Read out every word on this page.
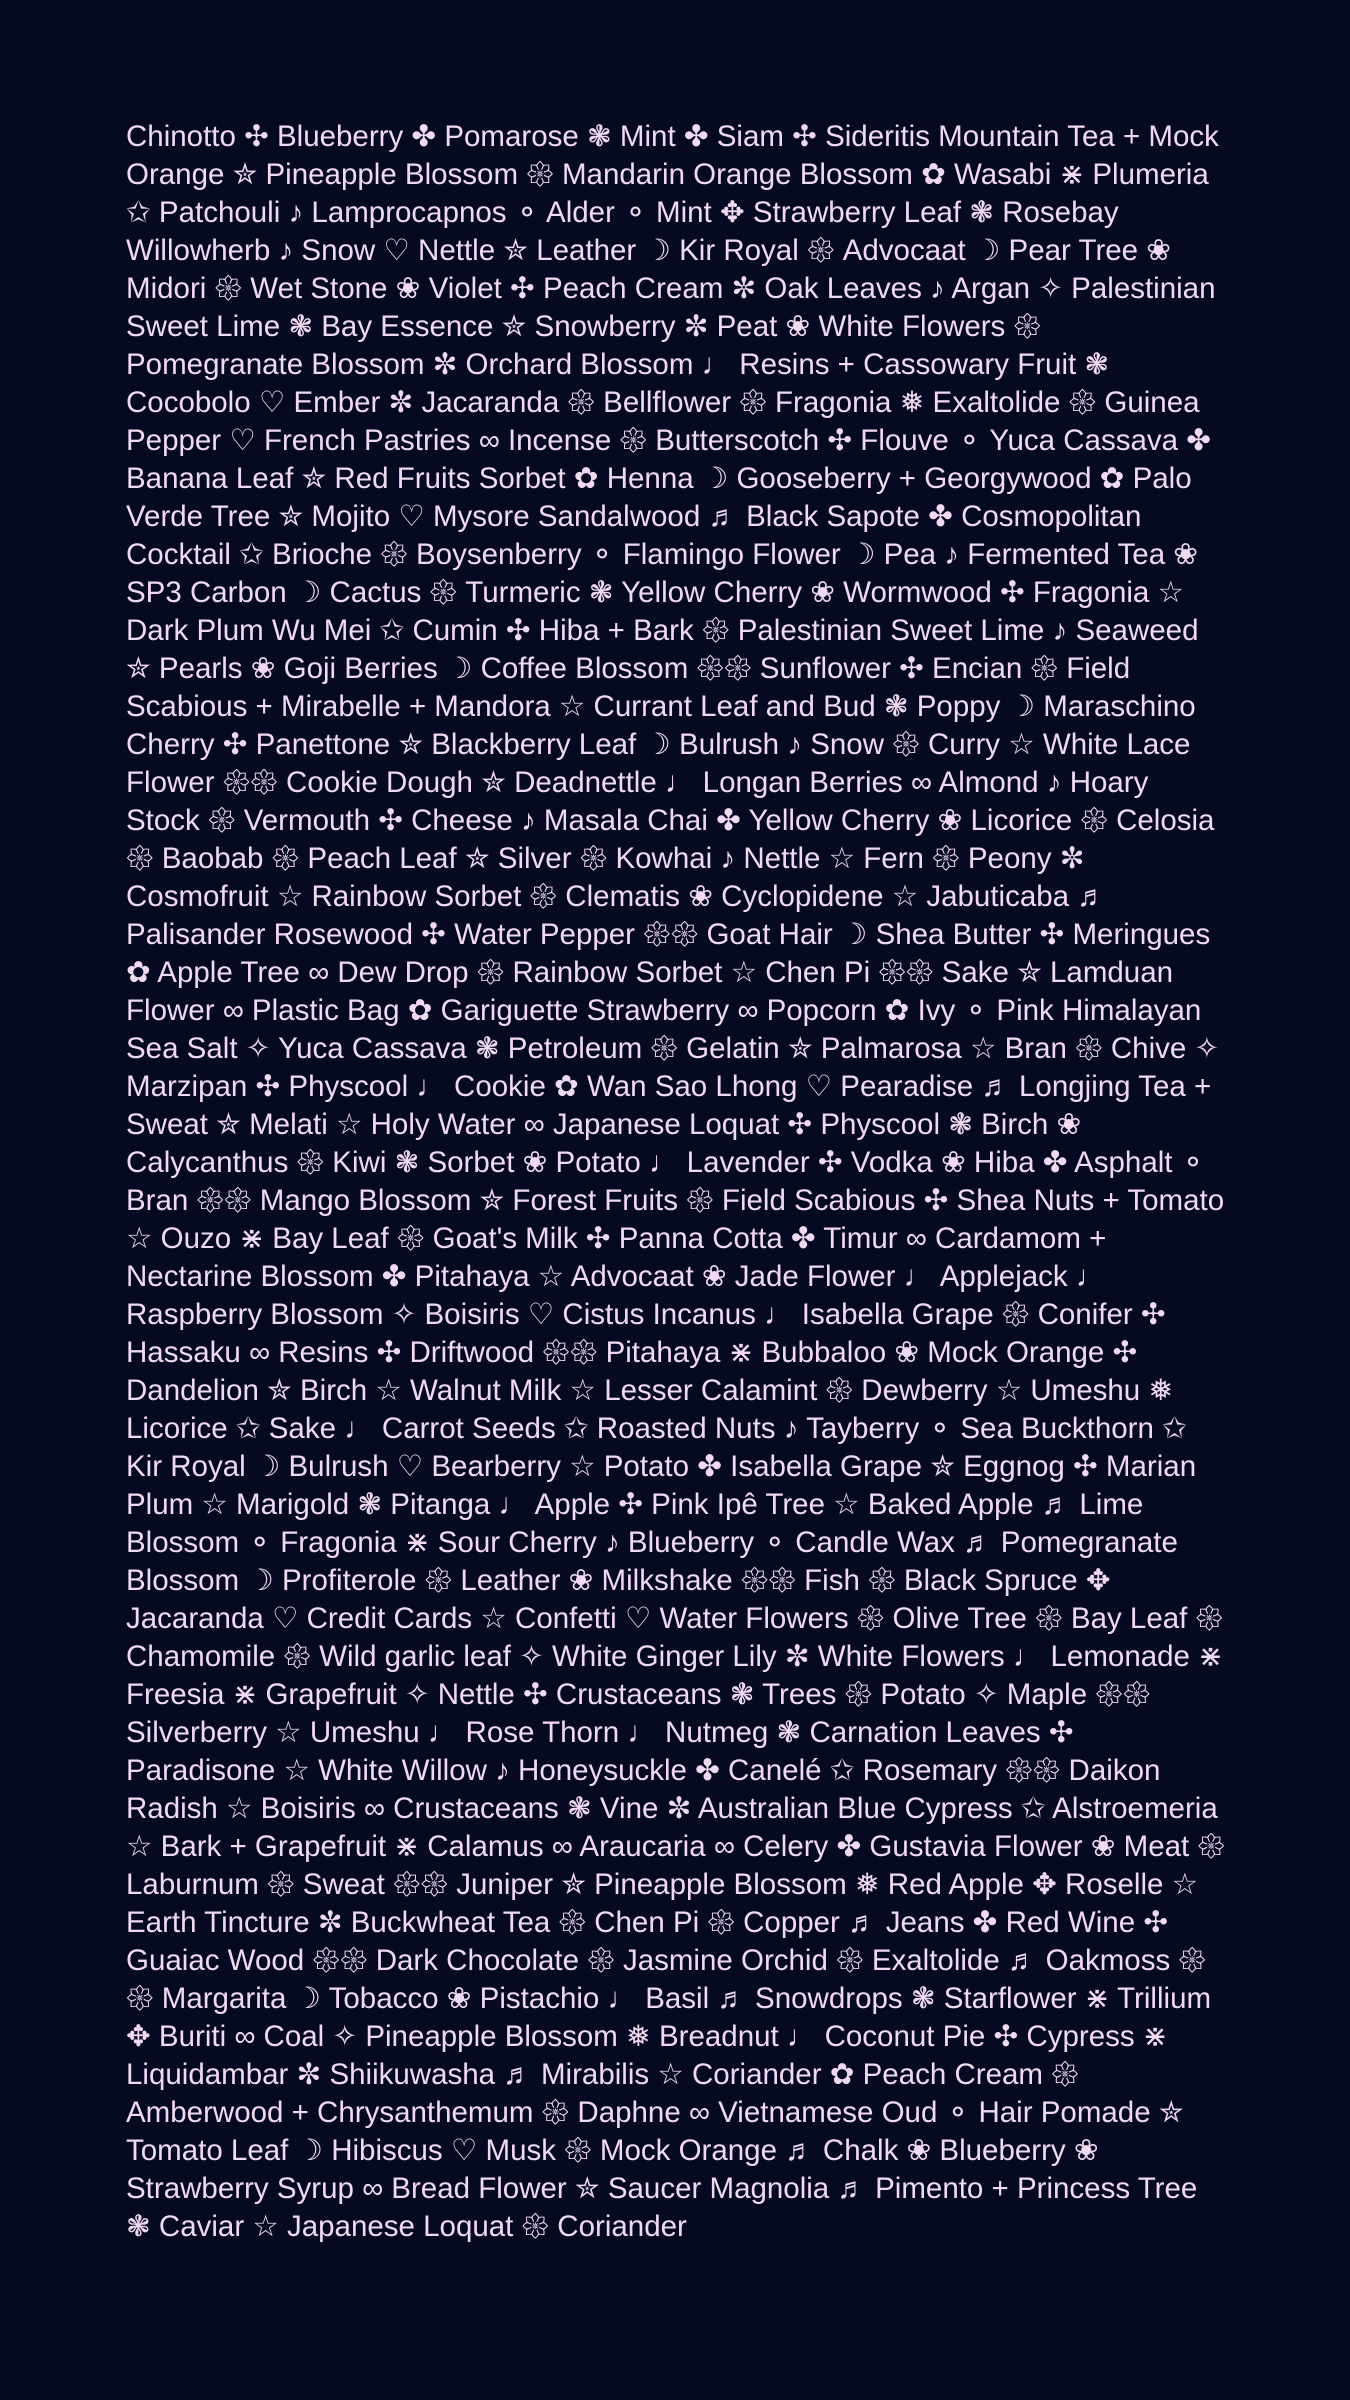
Chinotto ✣ Blueberry ✤ Pomarose ❃ Mint ✤ Siam ✣ Sideritis Mountain Tea + Mock Orange ✮ Pineapple Blossom 𑁍 Mandarin Orange Blossom ✿ Wasabi ⋇ Plumeria ✩ Patchouli ♪ Lamprocapnos ⚬ Alder ⚬ Mint ✥ Strawberry Leaf ❃ Rosebay Willowherb ♪ Snow ♡ Nettle ✮ Leather ☽ Kir Royal 𑁍 Advocaat ☽ Pear Tree ❀ Midori 𑁍 Wet Stone ❀ Violet ✣ Peach Cream ✼ Oak Leaves ♪ Argan ✧ Palestinian Sweet Lime ❃ Bay Essence ✮ Snowberry ✼ Peat ❀ White Flowers 𑁍 Pomegranate Blossom ✼ Orchard Blossom ♩ Resins + Cassowary Fruit ❃ Cocobolo ♡ Ember ✼ Jacaranda 𑁍 Bellflower 𑁍 Fragonia ❅ Exaltolide 𑁍 Guinea Pepper ♡ French Pastries ∞ Incense 𑁍 Butterscotch ✣ Flouve ⚬ Yuca Cassava ✤ Banana Leaf ✮ Red Fruits Sorbet ✿ Henna ☽ Gooseberry + Georgywood ✿ Palo Verde Tree ✮ Mojito ♡ Mysore Sandalwood ♬ Black Sapote ✤ Cosmopolitan Cocktail ✩ Brioche 𑁍 Boysenberry ⚬ Flamingo Flower ☽ Pea ♪ Fermented Tea ❀ SP3 Carbon ☽ Cactus 𑁍 Turmeric ❃ Yellow Cherry ❀ Wormwood ✣ Fragonia ☆ Dark Plum Wu Mei ✩ Cumin ✣ Hiba + Bark 𑁍 Palestinian Sweet Lime ♪ Seaweed ✮ Pearls ❀ Goji Berries ☽ Coffee Blossom 𑁍𑁍 Sunflower ✣ Encian 𑁍 Field Scabious + Mirabelle + Mandora ☆ Currant Leaf and Bud ❃ Poppy ☽ Maraschino Cherry ✣ Panettone ✮ Blackberry Leaf ☽ Bulrush ♪ Snow 𑁍 Curry ☆ White Lace Flower 𑁍𑁍 Cookie Dough ✮ Deadnettle ♩ Longan Berries ∞ Almond ♪ Hoary Stock 𑁍 Vermouth ✣ Cheese ♪ Masala Chai ✤ Yellow Cherry ❀ Licorice 𑁍 Celosia 𑁍 Baobab 𑁍 Peach Leaf ✮ Silver 𑁍 Kowhai ♪ Nettle ☆ Fern 𑁍 Peony ✼ Cosmofruit ☆ Rainbow Sorbet 𑁍 Clematis ❀ Cyclopidene ☆ Jabuticaba ♬ Palisander Rosewood ✣ Water Pepper 𑁍𑁍 Goat Hair ☽ Shea Butter ✣ Meringues ✿ Apple Tree ∞ Dew Drop 𑁍 Rainbow Sorbet ☆ Chen Pi 𑁍𑁍 Sake ✮ Lamduan Flower ∞ Plastic Bag ✿ Gariguette Strawberry ∞ Popcorn ✿ Ivy ⚬ Pink Himalayan Sea Salt ✧ Yuca Cassava ❃ Petroleum 𑁍 Gelatin ✮ Palmarosa ☆ Bran 𑁍 Chive ✧ Marzipan ✣ Physcool ♩ Cookie ✿ Wan Sao Lhong ♡ Pearadise ♬ Longjing Tea + Sweat ✮ Melati ☆ Holy Water ∞ Japanese Loquat ✣ Physcool ❃ Birch ❀ Calycanthus 𑁍 Kiwi ❃ Sorbet ❀ Potato ♩ Lavender ✣ Vodka ❀ Hiba ✤ Asphalt ⚬ Bran 𑁍𑁍 Mango Blossom ✮ Forest Fruits 𑁍 Field Scabious ✣ Shea Nuts + Tomato ☆ Ouzo ⋇ Bay Leaf 𑁍 Goat's Milk ✣ Panna Cotta ✤ Timur ∞ Cardamom + Nectarine Blossom ✤ Pitahaya ☆ Advocaat ❀ Jade Flower ♩ Applejack ♩ Raspberry Blossom ✧ Boisiris ♡ Cistus Incanus ♩ Isabella Grape 𑁍 Conifer ✣ Hassaku ∞ Resins ✣ Driftwood 𑁍𑁍 Pitahaya ⋇ Bubbaloo ❀ Mock Orange ✣ Dandelion ✮ Birch ☆ Walnut Milk ☆ Lesser Calamint 𑁍 Dewberry ☆ Umeshu ❅ Licorice ✩ Sake ♩ Carrot Seeds ✩ Roasted Nuts ♪ Tayberry ⚬ Sea Buckthorn ✩ Kir Royal ☽ Bulrush ♡ Bearberry ☆ Potato ✤ Isabella Grape ✮ Eggnog ✣ Marian Plum ☆ Marigold ❃ Pitanga ♩ Apple ✣ Pink Ipê Tree ☆ Baked Apple ♬ Lime Blossom ⚬ Fragonia ⋇ Sour Cherry ♪ Blueberry ⚬ Candle Wax ♬ Pomegranate Blossom ☽ Profiterole 𑁍 Leather ❀ Milkshake 𑁍𑁍 Fish 𑁍 Black Spruce ✥ Jacaranda ♡ Credit Cards ☆ Confetti ♡ Water Flowers 𑁍 Olive Tree 𑁍 Bay Leaf 𑁍 Chamomile 𑁍 Wild garlic leaf ✧ White Ginger Lily ✼ White Flowers ♩ Lemonade ⋇ Freesia ⋇ Grapefruit ✧ Nettle ✣ Crustaceans ❃ Trees 𑁍 Potato ✧ Maple 𑁍𑁍 Silverberry ☆ Umeshu ♩ Rose Thorn ♩ Nutmeg ❃ Carnation Leaves ✣ Paradisone ☆ White Willow ♪ Honeysuckle ✤ Canelé ✩ Rosemary 𑁍𑁍 Daikon Radish ☆ Boisiris ∞ Crustaceans ❃ Vine ✼ Australian Blue Cypress ✩ Alstroemeria ☆ Bark + Grapefruit ⋇ Calamus ∞ Araucaria ∞ Celery ✤ Gustavia Flower ❀ Meat 𑁍 Laburnum 𑁍 Sweat 𑁍𑁍 Juniper ✮ Pineapple Blossom ❅ Red Apple ✥ Roselle ☆ Earth Tincture ✼ Buckwheat Tea 𑁍 Chen Pi 𑁍 Copper ♬ Jeans ✤ Red Wine ✣ Guaiac Wood 𑁍𑁍 Dark Chocolate 𑁍 Jasmine Orchid 𑁍 Exaltolide ♬ Oakmoss 𑁍𑁍 Margarita ☽ Tobacco ❀ Pistachio ♩ Basil ♬ Snowdrops ❃ Starflower ⋇ Trillium ✥ Buriti ∞ Coal ✧ Pineapple Blossom ❅ Breadnut ♩ Coconut Pie ✣ Cypress ⋇ Liquidambar ✼ Shiikuwasha ♬ Mirabilis ☆ Coriander ✿ Peach Cream 𑁍 Amberwood + Chrysanthemum 𑁍 Daphne ∞ Vietnamese Oud ⚬ Hair Pomade ✮ Tomato Leaf ☽ Hibiscus ♡ Musk 𑁍 Mock Orange ♬ Chalk ❀ Blueberry ❀ Strawberry Syrup ∞ Bread Flower ✮ Saucer Magnolia ♬ Pimento + Princess Tree ❃ Caviar ☆ Japanese Loquat 𑁍 Coriander
